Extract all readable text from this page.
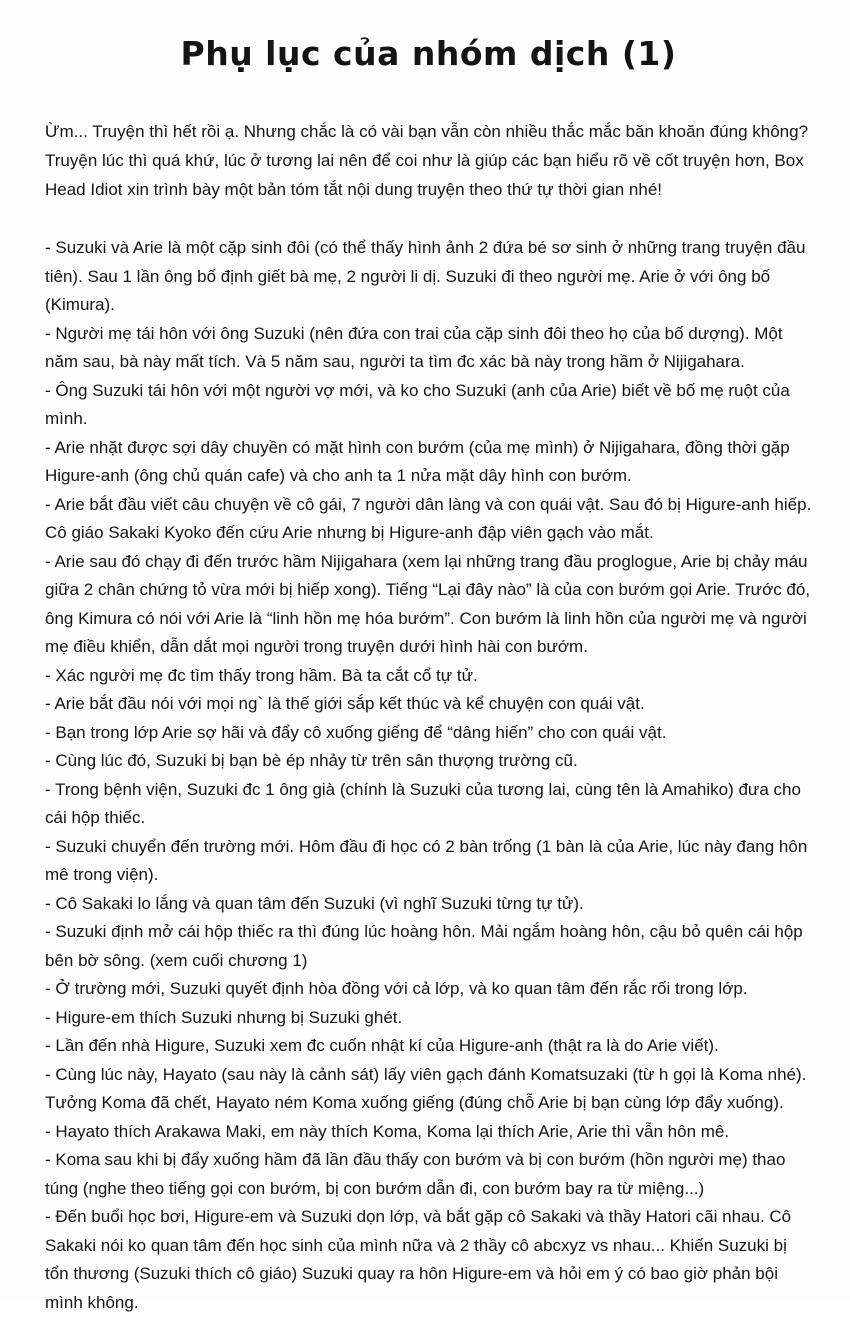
Phụ lục của nhóm dịch (1)

Ừm... Truyện thì hết rồi ạ. Nhưng chắc là có vài bạn vẫn còn nhiều thắc mắc băn khoăn đúng không? Truyện lúc thì quá khứ, lúc ở tương lai nên để coi như là giúp các bạn hiểu rõ về cốt truyện hơn, Box Head Idiot xin trình bày một bản tóm tắt nội dung truyện theo thứ tự thời gian nhé!

- Suzuki và Arie là một cặp sinh đôi (có thể thấy hình ảnh 2 đứa bé sơ sinh ở những trang truyện đầu tiên). Sau 1 lần ông bố định giết bà mẹ, 2 người li dị. Suzuki đi theo người mẹ. Arie ở với ông bố (Kimura).

- Người mẹ tái hôn với ông Suzuki (nên đứa con trai của cặp sinh đôi theo họ của bố dượng). Một năm sau, bà này mất tích. Và 5 năm sau, người ta tìm đc xác bà này trong hầm ở Nijigahara.

- Ông Suzuki tái hôn với một người vợ mới, và ko cho Suzuki (anh của Arie) biết về bố mẹ ruột của mình.

- Arie nhặt được sợi dây chuyền có mặt hình con bướm (của mẹ mình) ở Nijigahara, đồng thời gặp Higure-anh (ông chủ quán cafe) và cho anh ta 1 nửa mặt dây hình con bướm.

- Arie bắt đầu viết câu chuyện về cô gái, 7 người dân làng và con quái vật. Sau đó bị Higure-anh hiếp. Cô giáo Sakaki Kyoko đến cứu Arie nhưng bị Higure-anh đập viên gạch vào mắt.

- Arie sau đó chạy đi đến trước hầm Nijigahara (xem lại những trang đầu proglogue, Arie bị chảy máu giữa 2 chân chứng tỏ vừa mới bị hiếp xong). Tiếng “Lại đây nào” là của con bướm gọi Arie. Trước đó, ông Kimura có nói với Arie là “linh hồn mẹ hóa bướm”. Con bướm là linh hồn của người mẹ và người mẹ điều khiển, dẫn dắt mọi người trong truyện dưới hình hài con bướm.

- Xác người mẹ đc tìm thấy trong hầm. Bà ta cắt cổ tự tử.

- Arie bắt đầu nói với mọi ng` là thế giới sắp kết thúc và kể chuyện con quái vật.

- Bạn trong lớp Arie sợ hãi và đẩy cô xuống giếng để “dâng hiến” cho con quái vật.

- Cùng lúc đó, Suzuki bị bạn bè ép nhảy từ trên sân thượng trường cũ.

- Trong bệnh viện, Suzuki đc 1 ông già (chính là Suzuki của tương lai, cùng tên là Amahiko) đưa cho cái hộp thiếc.

- Suzuki chuyển đến trường mới. Hôm đầu đi học có 2 bàn trống (1 bàn là của Arie, lúc này đang hôn mê trong viện).

- Cô Sakaki lo lắng và quan tâm đến Suzuki (vì nghĩ Suzuki từng tự tử).

- Suzuki định mở cái hộp thiếc ra thì đúng lúc hoàng hôn. Mải ngắm hoàng hôn, cậu bỏ quên cái hộp bên bờ sông. (xem cuối chương 1)

- Ở trường mới, Suzuki quyết định hòa đồng với cả lớp, và ko quan tâm đến rắc rối trong lớp.

- Higure-em thích Suzuki nhưng bị Suzuki ghét.

- Lần đến nhà Higure, Suzuki xem đc cuốn nhật kí của Higure-anh (thật ra là do Arie viết).

- Cùng lúc này, Hayato (sau này là cảnh sát) lấy viên gạch đánh Komatsuzaki (từ h gọi là Koma nhé). Tưởng Koma đã chết, Hayato ném Koma xuống giếng (đúng chỗ Arie bị bạn cùng lớp đẩy xuống).

- Hayato thích Arakawa Maki, em này thích Koma, Koma lại thích Arie, Arie thì vẫn hôn mê.

- Koma sau khi bị đẩy xuống hầm đã lần đầu thấy con bướm và bị con bướm (hồn người mẹ) thao túng (nghe theo tiếng gọi con bướm, bị con bướm dẫn đi, con bướm bay ra từ miệng...)

- Đến buổi học bơi, Higure-em và Suzuki dọn lớp, và bắt gặp cô Sakaki và thầy Hatori cãi nhau. Cô Sakaki nói ko quan tâm đến học sinh của mình nữa và 2 thầy cô abcxyz vs nhau... Khiến Suzuki bị tổn thương (Suzuki thích cô giáo) Suzuki quay ra hôn Higure-em và hỏi em ý có bao giờ phản bội mình không.
